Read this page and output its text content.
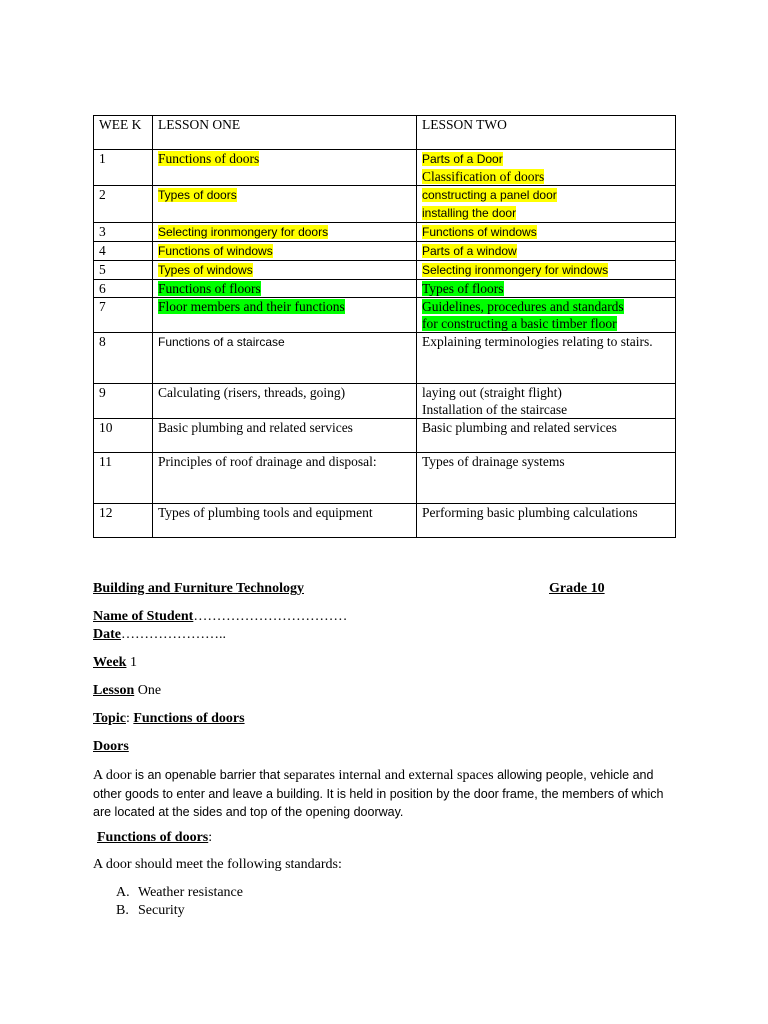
WEE K	LESSON ONE	LESSON TWO
1	Functions of doors	Parts of a Door
Classification of doors
2	Types of doors	constructing a panel door
installing the door
3	Selecting ironmongery for doors	Functions of windows
4	Functions of windows	Parts of a window
5	Types of windows	Selecting ironmongery for windows
6	Functions of floors	Types of floors
7	Floor members and their functions	Guidelines, procedures and standards
for constructing a basic timber floor
8	Functions of a staircase	Explaining terminologies relating to stairs.
9	Calculating (risers, threads, going)	laying out (straight flight)
Installation of the staircase
10	Basic plumbing and related services	Basic plumbing and related services
11	Principles of roof drainage and disposal:	Types of drainage systems
12	Types of plumbing tools and equipment	Performing basic plumbing calculations
Building and Furniture Technology	Grade 10
Name of Student……………………………
Date…………………..
Week 1
Lesson One
Topic: Functions of doors
Doors
A door is an openable barrier that separates internal and external spaces allowing people, vehicle and other goods to enter and leave a building. It is held in position by the door frame, the members of which are located at the sides and top of the opening doorway.
Functions of doors:
A door should meet the following standards:
A. Weather resistance
B. Security
